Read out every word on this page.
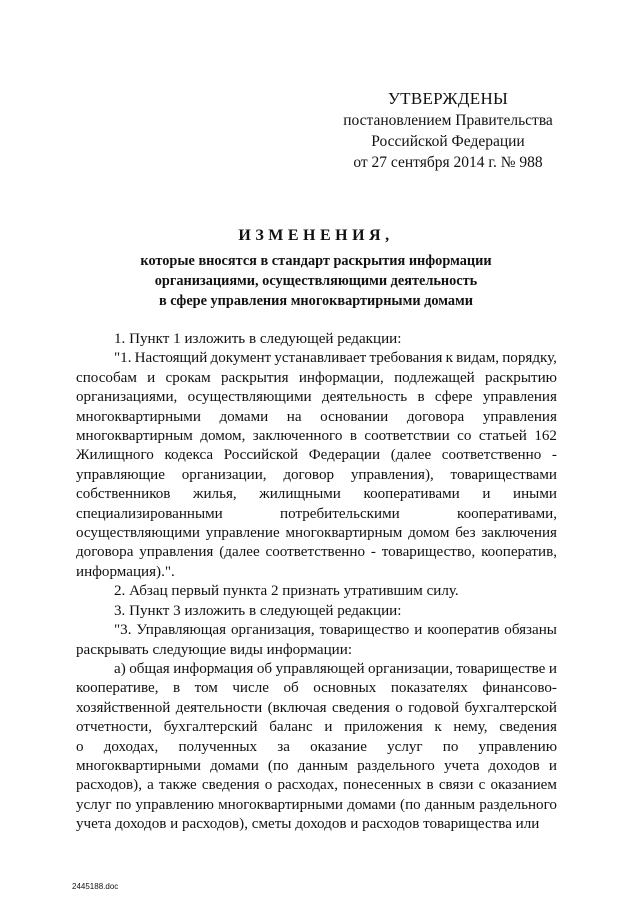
УТВЕРЖДЕНЫ
постановлением Правительства
Российской Федерации
от 27 сентября 2014 г. № 988
ИЗМЕНЕНИЯ,
которые вносятся в стандарт раскрытия информации
организациями, осуществляющими деятельность
в сфере управления многоквартирными домами
1. Пункт 1 изложить в следующей редакции:
"1. Настоящий документ устанавливает требования к видам, порядку,
способам и срокам раскрытия информации, подлежащей раскрытию
организациями, осуществляющими деятельность в сфере управления
многоквартирными домами на основании договора управления
многоквартирным домом, заключенного в соответствии со статьей 162
Жилищного кодекса Российской Федерации (далее соответственно -
управляющие организации, договор управления), товариществами
собственников жилья, жилищными кооперативами и иными
специализированными	потребительскими	кооперативами,
осуществляющими управление многоквартирным домом без заключения
договора управления (далее соответственно - товарищество, кооператив,
информация).".
2. Абзац первый пункта 2 признать утратившим силу.
3. Пункт 3 изложить в следующей редакции:
"3. Управляющая организация, товарищество и кооператив обязаны
раскрывать следующие виды информации:
а) общая информация об управляющей организации, товариществе и
кооперативе, в том числе об основных показателях финансово-
хозяйственной деятельности (включая сведения о годовой бухгалтерской
отчетности, бухгалтерский баланс и приложения к нему, сведения
о доходах, полученных за оказание услуг по управлению
многоквартирными домами (по данным раздельного учета доходов и
расходов), а также сведения о расходах, понесенных в связи с оказанием
услуг по управлению многоквартирными домами (по данным раздельного
учета доходов и расходов), сметы доходов и расходов товарищества или
2445188.doc
